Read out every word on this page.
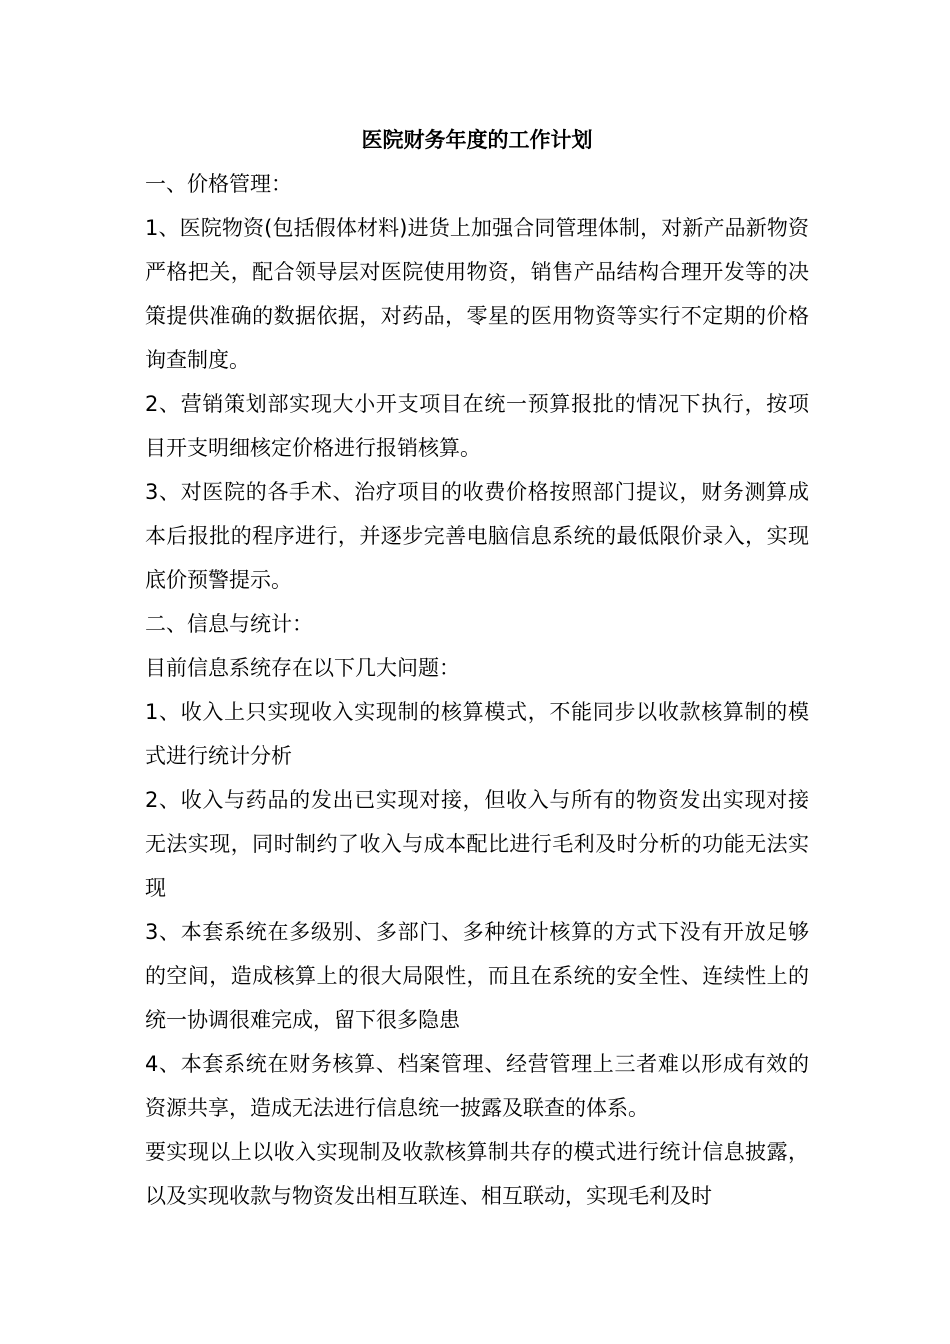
医院财务年度的工作计划

一、价格管理：

1、医院物资(包括假体材料)进货上加强合同管理体制，对新产品新物资严格把关，配合领导层对医院使用物资，销售产品结构合理开发等的决策提供准确的数据依据，对药品，零星的医用物资等实行不定期的价格询查制度。

2、营销策划部实现大小开支项目在统一预算报批的情况下执行，按项目开支明细核定价格进行报销核算。

3、对医院的各手术、治疗项目的收费价格按照部门提议，财务测算成本后报批的程序进行，并逐步完善电脑信息系统的最低限价录入，实现底价预警提示。

二、信息与统计：

目前信息系统存在以下几大问题：

1、收入上只实现收入实现制的核算模式，不能同步以收款核算制的模式进行统计分析

2、收入与药品的发出已实现对接，但收入与所有的物资发出实现对接无法实现，同时制约了收入与成本配比进行毛利及时分析的功能无法实现

3、本套系统在多级别、多部门、多种统计核算的方式下没有开放足够的空间，造成核算上的很大局限性，而且在系统的安全性、连续性上的统一协调很难完成，留下很多隐患

4、本套系统在财务核算、档案管理、经营管理上三者难以形成有效的资源共享，造成无法进行信息统一披露及联查的体系。

要实现以上以收入实现制及收款核算制共存的模式进行统计信息披露，以及实现收款与物资发出相互联连、相互联动，实现毛利及时
